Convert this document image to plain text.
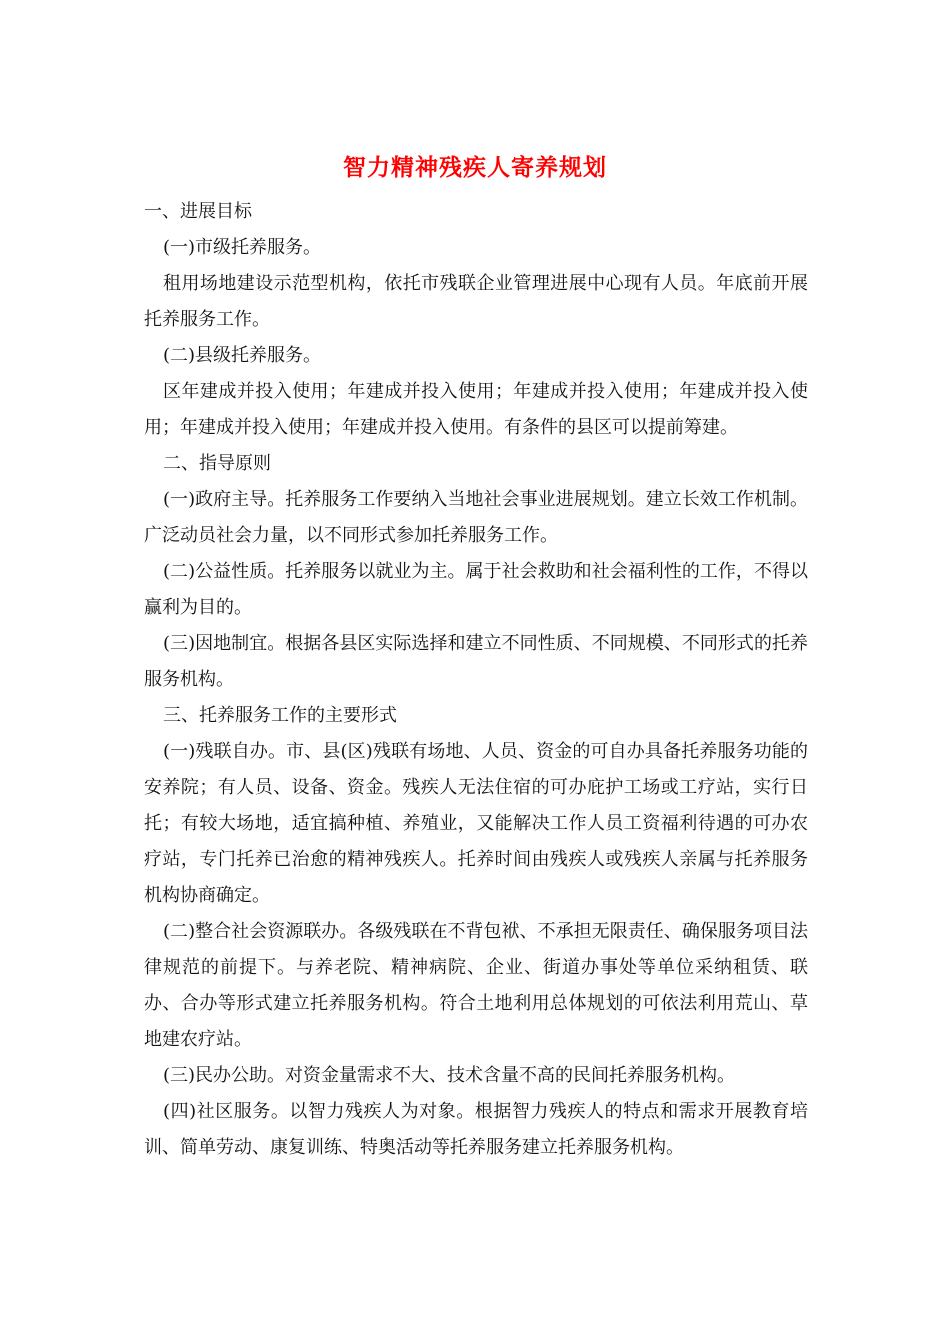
智力精神残疾人寄养规划

一、进展目标

(一)市级托养服务。

租用场地建设示范型机构，依托市残联企业管理进展中心现有人员。年底前开展托养服务工作。

(二)县级托养服务。

区年建成并投入使用；年建成并投入使用；年建成并投入使用；年建成并投入使用；年建成并投入使用；年建成并投入使用。有条件的县区可以提前筹建。

二、指导原则

(一)政府主导。托养服务工作要纳入当地社会事业进展规划。建立长效工作机制。广泛动员社会力量，以不同形式参加托养服务工作。

(二)公益性质。托养服务以就业为主。属于社会救助和社会福利性的工作，不得以赢利为目的。

(三)因地制宜。根据各县区实际选择和建立不同性质、不同规模、不同形式的托养服务机构。

三、托养服务工作的主要形式

(一)残联自办。市、县(区)残联有场地、人员、资金的可自办具备托养服务功能的安养院；有人员、设备、资金。残疾人无法住宿的可办庇护工场或工疗站，实行日托；有较大场地，适宜搞种植、养殖业，又能解决工作人员工资福利待遇的可办农疗站，专门托养已治愈的精神残疾人。托养时间由残疾人或残疾人亲属与托养服务机构协商确定。

(二)整合社会资源联办。各级残联在不背包袱、不承担无限责任、确保服务项目法律规范的前提下。与养老院、精神病院、企业、街道办事处等单位采纳租赁、联办、合办等形式建立托养服务机构。符合土地利用总体规划的可依法利用荒山、草地建农疗站。

(三)民办公助。对资金量需求不大、技术含量不高的民间托养服务机构。

(四)社区服务。以智力残疾人为对象。根据智力残疾人的特点和需求开展教育培训、简单劳动、康复训练、特奥活动等托养服务建立托养服务机构。
